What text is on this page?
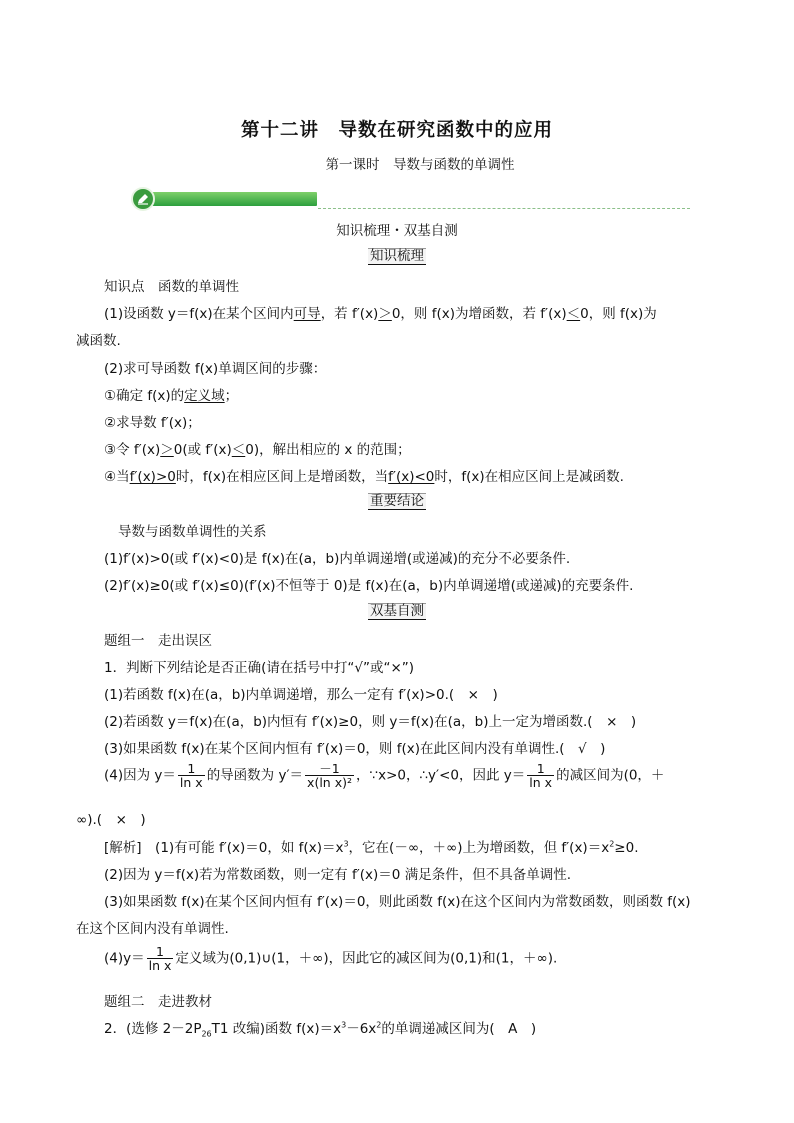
第十二讲　导数在研究函数中的应用
第一课时　导数与函数的单调性
知识梳理・双基自测
知识梳理
知识点　函数的单调性
(1)设函数 y＝f(x)在某个区间内可导，若 f′(x)＞0，则 f(x)为增函数，若 f′(x)＜0，则 f(x)为
减函数.
(2)求可导函数 f(x)单调区间的步骤：
①确定 f(x)的定义域；
②求导数 f′(x)；
③令 f′(x)＞0(或 f′(x)＜0)，解出相应的 x 的范围；
④当f′(x)>0时，f(x)在相应区间上是增函数，当f′(x)<0时，f(x)在相应区间上是减函数.
重要结论
导数与函数单调性的关系
(1)f′(x)>0(或 f′(x)<0)是 f(x)在(a，b)内单调递增(或递减)的充分不必要条件.
(2)f′(x)≥0(或 f′(x)≤0)(f′(x)不恒等于 0)是 f(x)在(a，b)内单调递增(或递减)的充要条件.
双基自测
题组一　走出误区
1．判断下列结论是否正确(请在括号中打“√”或“×”)
(1)若函数 f(x)在(a，b)内单调递增，那么一定有 f′(x)>0.(　×　)
(2)若函数 y＝f(x)在(a，b)内恒有 f′(x)≥0，则 y＝f(x)在(a，b)上一定为增函数.(　×　)
(3)如果函数 f(x)在某个区间内恒有 f′(x)＝0，则 f(x)在此区间内没有单调性.(　√　)
(4)因为 $y= \frac{1}{\text{ln x}}$ 的导函数为 $y'= \frac{-1}{\text{x(ln x)²}}$ ，∵x>0，∴y′<0，因此 $y= \frac{1}{\text{ln x}}$ 的减区间为(0，＋
∞).(　×　)
[解析]　 (1)有可能 f′(x)＝0，如 $f(x)=x^3$，它在(－∞，＋∞)上为增函数，但 $f'(x)=x^2\ge 0$.
(2)因为 y＝f(x)若为常数函数，则一定有 f′(x)＝0 满足条件，但不具备单调性.
(3)如果函数 f(x)在某个区间内恒有 f′(x)＝0，则此函数 f(x)在这个区间内为常数函数，则函数 f(x)
在这个区间内没有单调性.
$(4)y= \frac{1}{\text{ln x}}$ 定义域为(0,1)∪(1，＋∞)，因此它的减区间为(0,1)和(1，＋∞).
题组二　走进教材
2．(选修 $2-2P_{26}T1$ 改编)函数 $f(x)=x^3-6x^2$的单调递减区间为(　A　)
